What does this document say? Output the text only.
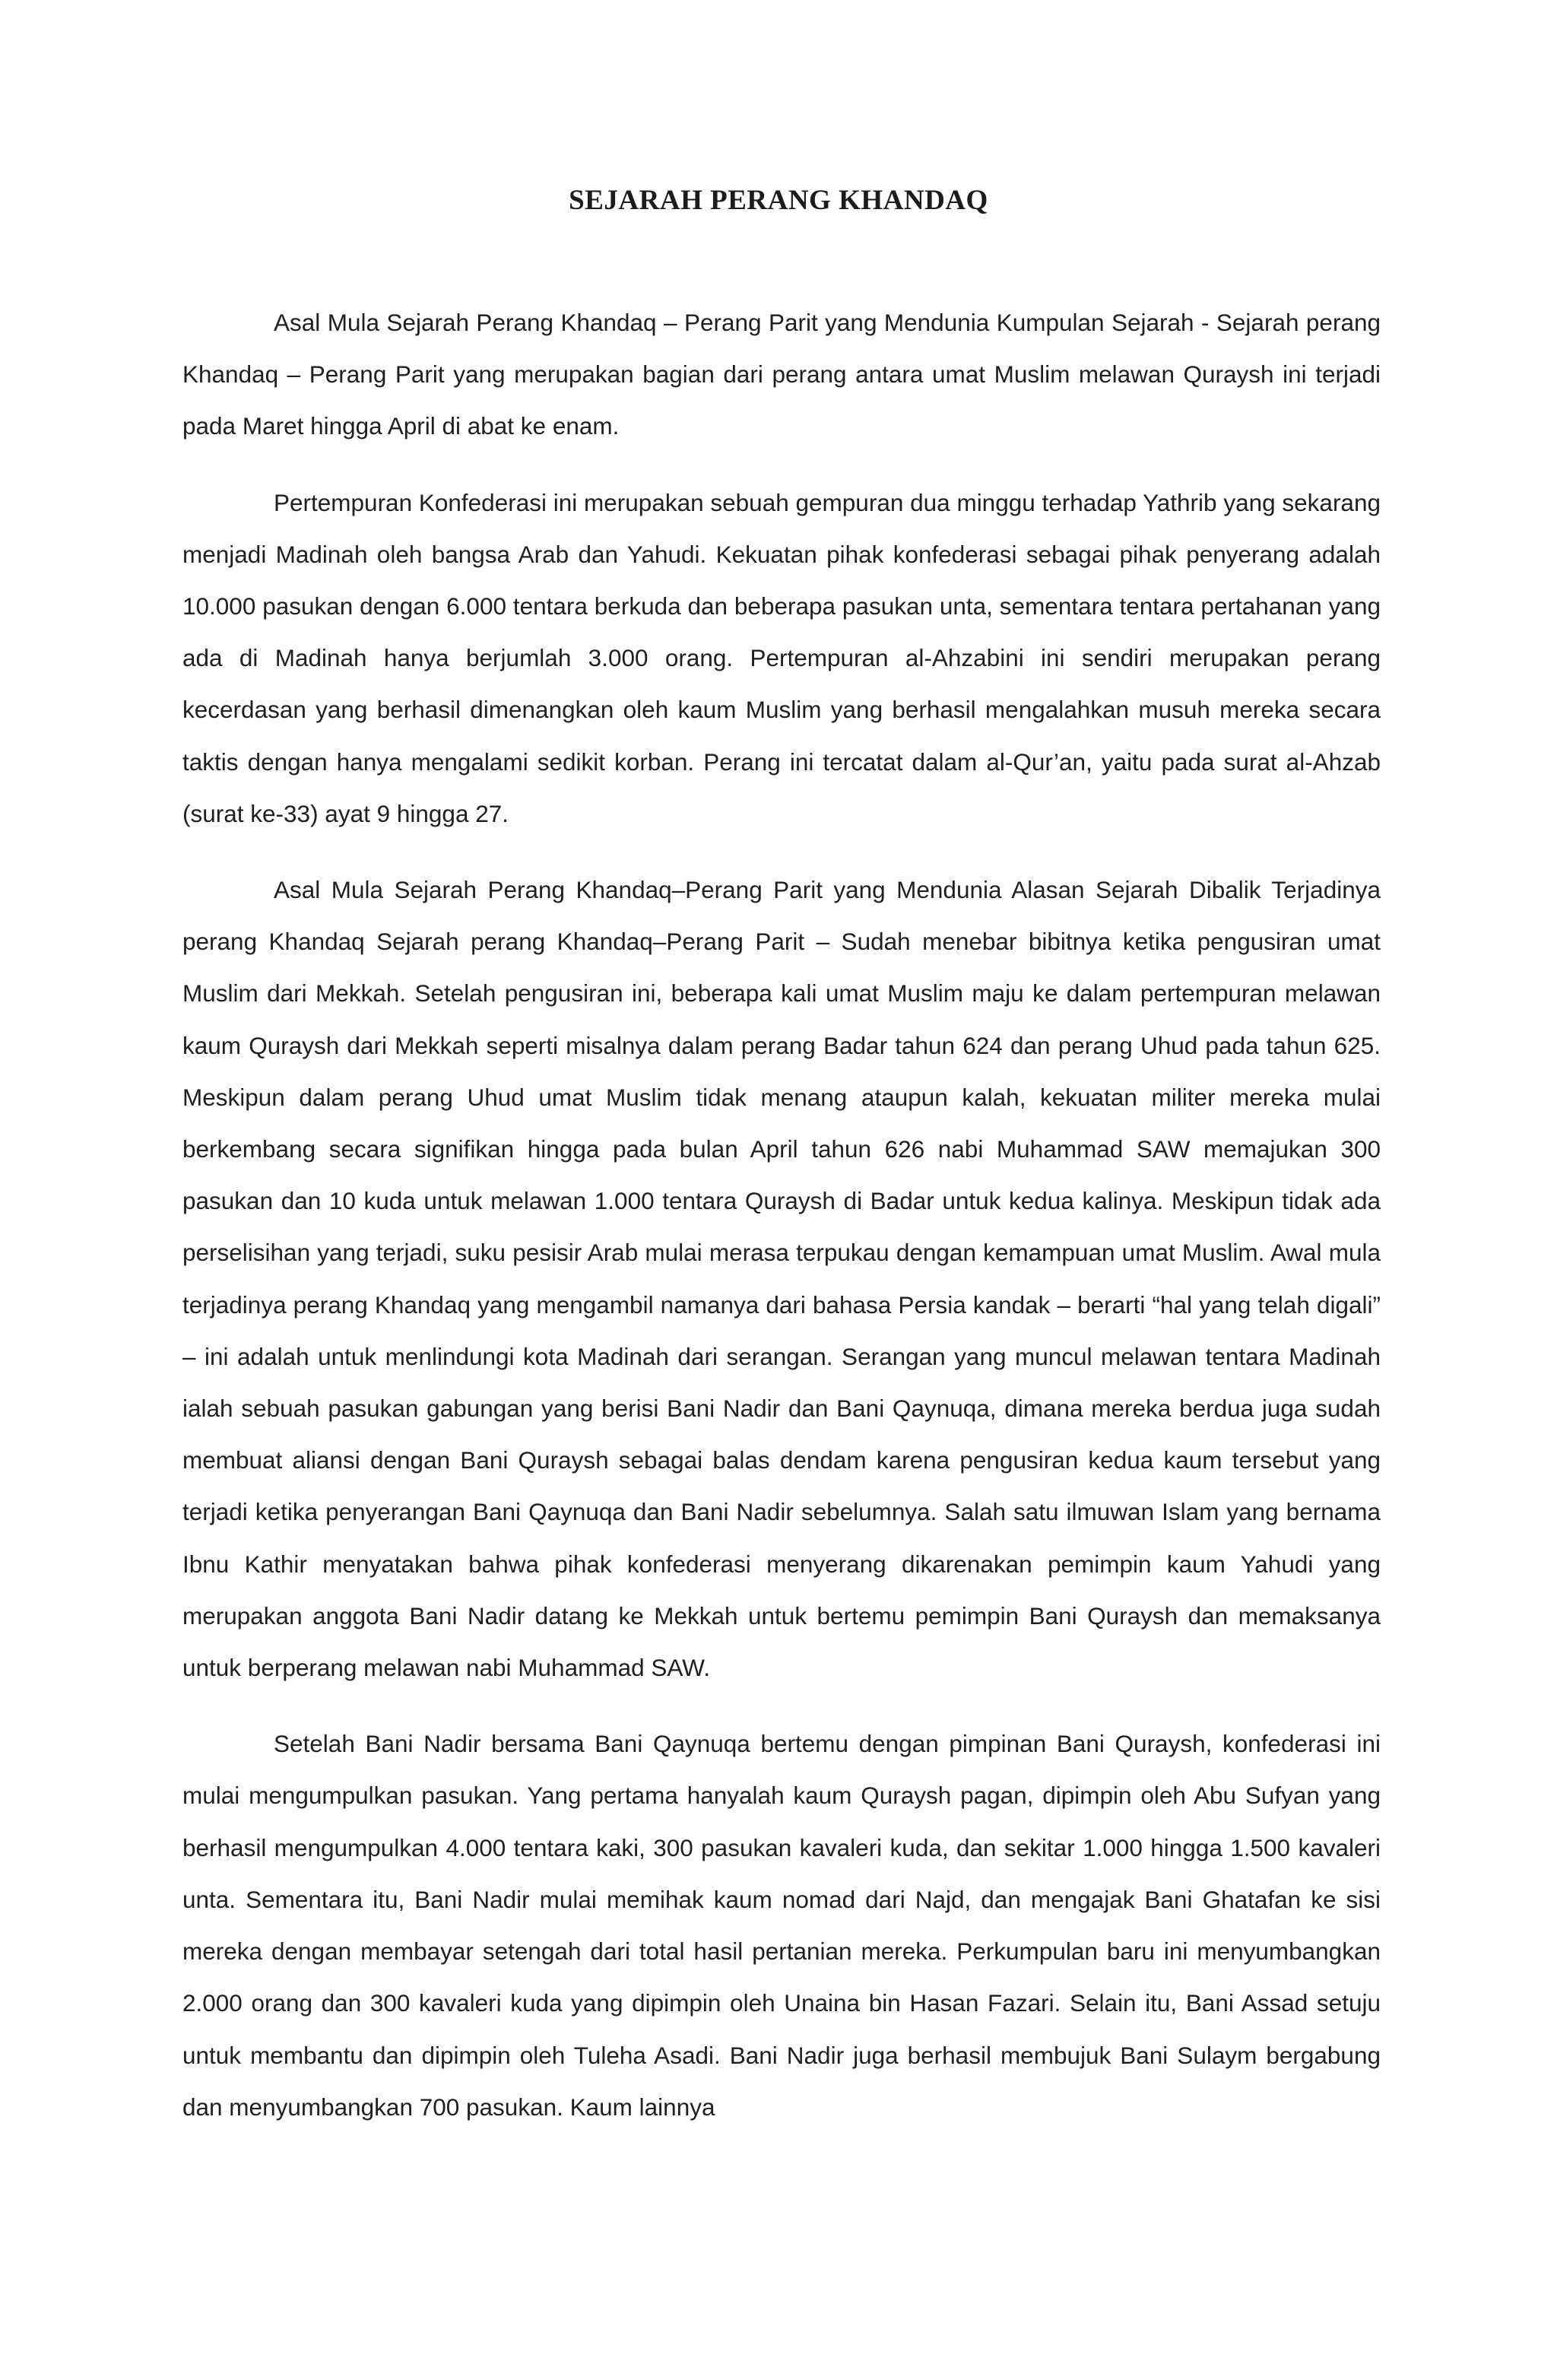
SEJARAH PERANG KHANDAQ

Asal Mula Sejarah Perang Khandaq – Perang Parit yang Mendunia Kumpulan Sejarah - Sejarah perang Khandaq – Perang Parit yang merupakan bagian dari perang antara umat Muslim melawan Quraysh ini terjadi pada Maret hingga April di abat ke enam.

Pertempuran Konfederasi ini merupakan sebuah gempuran dua minggu terhadap Yathrib yang sekarang menjadi Madinah oleh bangsa Arab dan Yahudi. Kekuatan pihak konfederasi sebagai pihak penyerang adalah 10.000 pasukan dengan 6.000 tentara berkuda dan beberapa pasukan unta, sementara tentara pertahanan yang ada di Madinah hanya berjumlah 3.000 orang. Pertempuran al-Ahzabini ini sendiri merupakan perang kecerdasan yang berhasil dimenangkan oleh kaum Muslim yang berhasil mengalahkan musuh mereka secara taktis dengan hanya mengalami sedikit korban. Perang ini tercatat dalam al-Qur’an, yaitu pada surat al-Ahzab (surat ke-33) ayat 9 hingga 27.

Asal Mula Sejarah Perang Khandaq–Perang Parit yang Mendunia Alasan Sejarah Dibalik Terjadinya perang Khandaq Sejarah perang Khandaq–Perang Parit – Sudah menebar bibitnya ketika pengusiran umat Muslim dari Mekkah. Setelah pengusiran ini, beberapa kali umat Muslim maju ke dalam pertempuran melawan kaum Quraysh dari Mekkah seperti misalnya dalam perang Badar tahun 624 dan perang Uhud pada tahun 625. Meskipun dalam perang Uhud umat Muslim tidak menang ataupun kalah, kekuatan militer mereka mulai berkembang secara signifikan hingga pada bulan April tahun 626 nabi Muhammad SAW memajukan 300 pasukan dan 10 kuda untuk melawan 1.000 tentara Quraysh di Badar untuk kedua kalinya. Meskipun tidak ada perselisihan yang terjadi, suku pesisir Arab mulai merasa terpukau dengan kemampuan umat Muslim. Awal mula terjadinya perang Khandaq yang mengambil namanya dari bahasa Persia kandak – berarti “hal yang telah digali” – ini adalah untuk menlindungi kota Madinah dari serangan. Serangan yang muncul melawan tentara Madinah ialah sebuah pasukan gabungan yang berisi Bani Nadir dan Bani Qaynuqa, dimana mereka berdua juga sudah membuat aliansi dengan Bani Quraysh sebagai balas dendam karena pengusiran kedua kaum tersebut yang terjadi ketika penyerangan Bani Qaynuqa dan Bani Nadir sebelumnya. Salah satu ilmuwan Islam yang bernama Ibnu Kathir menyatakan bahwa pihak konfederasi menyerang dikarenakan pemimpin kaum Yahudi yang merupakan anggota Bani Nadir datang ke Mekkah untuk bertemu pemimpin Bani Quraysh dan memaksanya untuk berperang melawan nabi Muhammad SAW.

Setelah Bani Nadir bersama Bani Qaynuqa bertemu dengan pimpinan Bani Quraysh, konfederasi ini mulai mengumpulkan pasukan. Yang pertama hanyalah kaum Quraysh pagan, dipimpin oleh Abu Sufyan yang berhasil mengumpulkan 4.000 tentara kaki, 300 pasukan kavaleri kuda, dan sekitar 1.000 hingga 1.500 kavaleri unta. Sementara itu, Bani Nadir mulai memihak kaum nomad dari Najd, dan mengajak Bani Ghatafan ke sisi mereka dengan membayar setengah dari total hasil pertanian mereka. Perkumpulan baru ini menyumbangkan 2.000 orang dan 300 kavaleri kuda yang dipimpin oleh Unaina bin Hasan Fazari. Selain itu, Bani Assad setuju untuk membantu dan dipimpin oleh Tuleha Asadi. Bani Nadir juga berhasil membujuk Bani Sulaym bergabung dan menyumbangkan 700 pasukan. Kaum lainnya
